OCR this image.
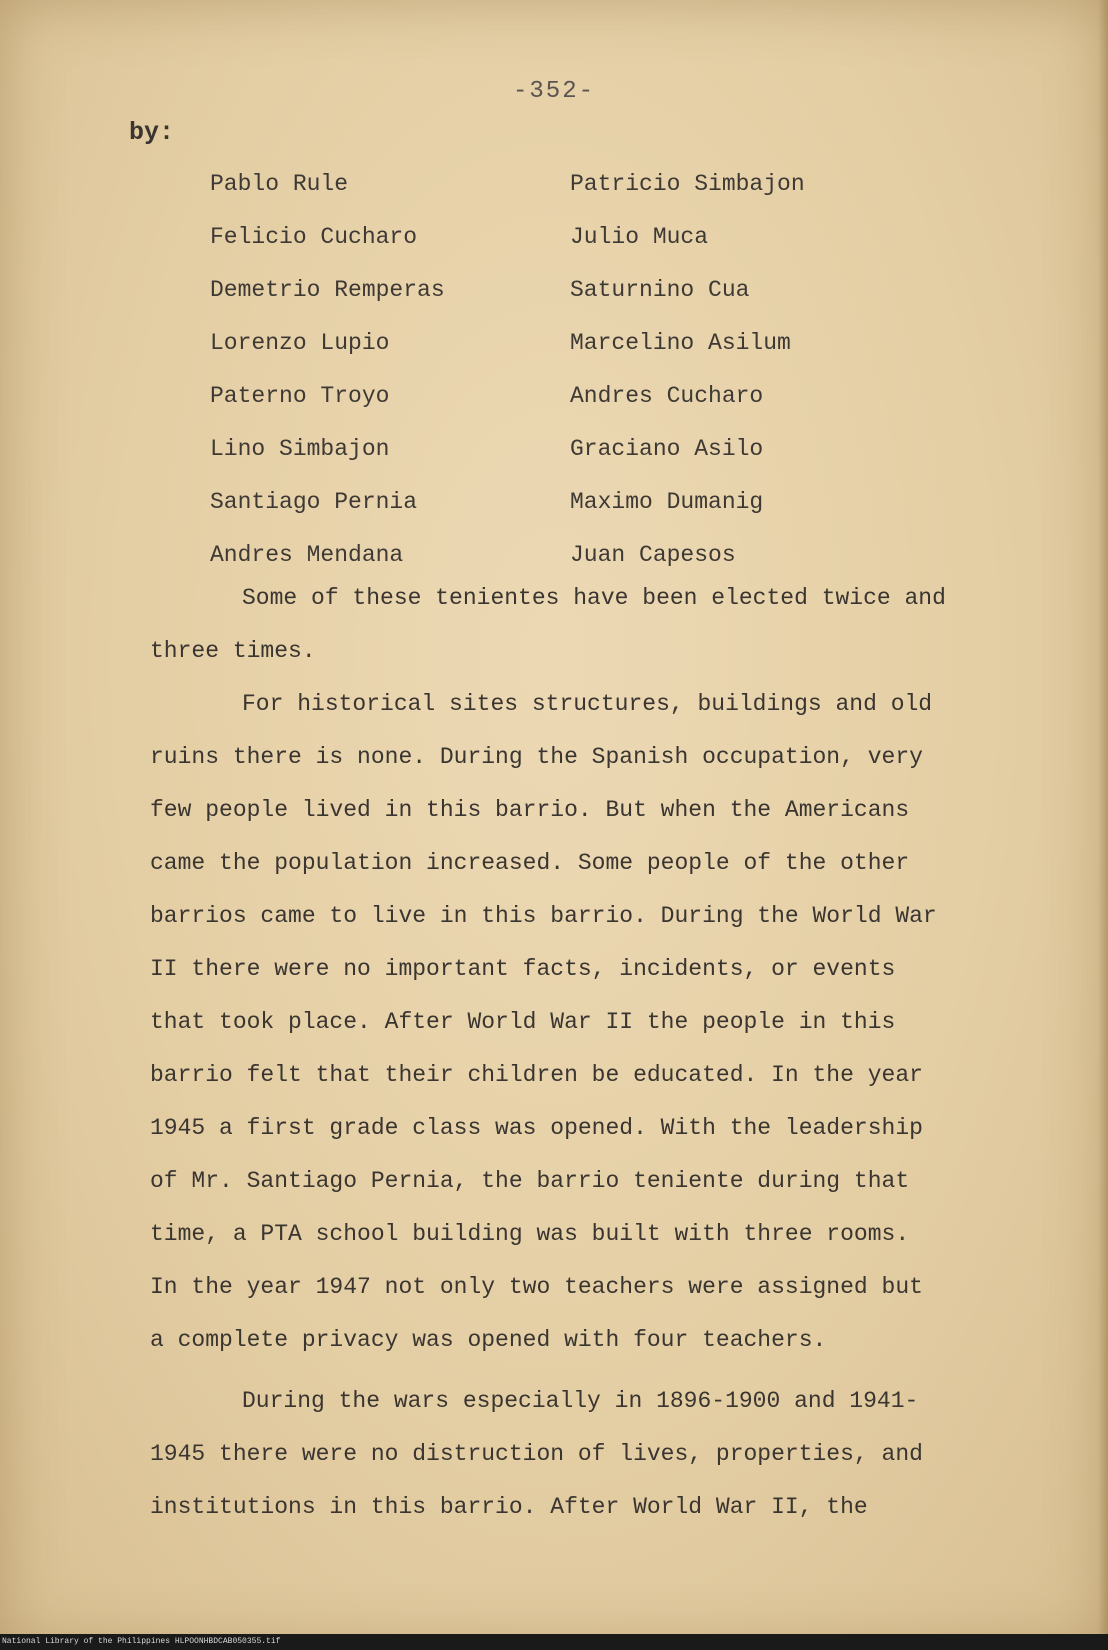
-352-
by:
Pablo Rule	Patricio Simbajon
Felicio Cucharo	Julio Muca
Demetrio Remperas	Saturnino Cua
Lorenzo Lupio	Marcelino Asilum
Paterno Troyo	Andres Cucharo
Lino Simbajon	Graciano Asilo
Santiago Pernia	Maximo Dumanig
Andres Mendana	Juan Capesos
Some of these tenientes have been elected twice and
three times.
For historical sites structures, buildings and old
ruins there is none. During the Spanish occupation, very
few people lived in this barrio. But when the Americans
came the population increased. Some people of the other
barrios came to live in this barrio. During the World War
II there were no important facts, incidents, or events
that took place. After World War II the people in this
barrio felt that their children be educated. In the year
1945 a first grade class was opened. With the leadership
of Mr. Santiago Pernia, the barrio teniente during that
time, a PTA school building was built with three rooms.
In the year 1947 not only two teachers were assigned but
a complete privacy was opened with four teachers.
During the wars especially in 1896-1900 and 1941-
1945 there were no distruction of lives, properties, and
institutions in this barrio. After World War II, the
National Library of the Philippines HLPOONHBDCAB050355.tif
